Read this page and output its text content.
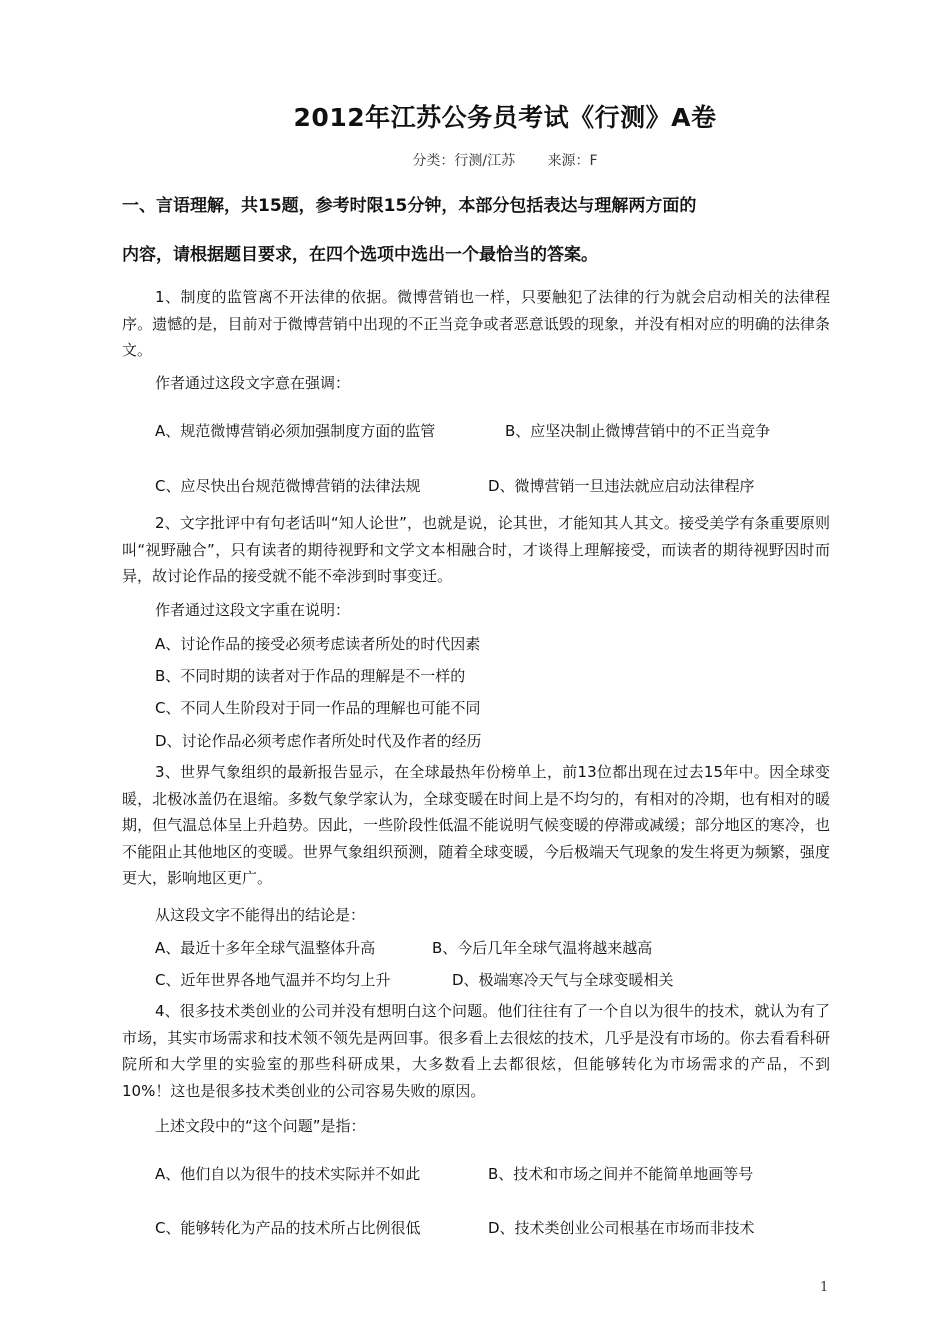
2012年江苏公务员考试《行测》A卷
分类：行测/江苏 来源：F
一、言语理解，共15题，参考时限15分钟，本部分包括表达与理解两方面的
内容，请根据题目要求，在四个选项中选出一个最恰当的答案。
1、制度的监管离不开法律的依据。微博营销也一样，只要触犯了法律的行为就会启动相关的法律程序。遗憾的是，目前对于微博营销中出现的不正当竞争或者恶意诋毁的现象，并没有相对应的明确的法律条文。
作者通过这段文字意在强调：
A、规范微博营销必须加强制度方面的监管	B、应坚决制止微博营销中的不正当竞争
C、应尽快出台规范微博营销的法律法规	D、微博营销一旦违法就应启动法律程序
2、文字批评中有句老话叫“知人论世”，也就是说，论其世，才能知其人其文。接受美学有条重要原则叫“视野融合”，只有读者的期待视野和文学文本相融合时，才谈得上理解接受，而读者的期待视野因时而异，故讨论作品的接受就不能不牵涉到时事变迁。
作者通过这段文字重在说明：
A、讨论作品的接受必须考虑读者所处的时代因素
B、不同时期的读者对于作品的理解是不一样的
C、不同人生阶段对于同一作品的理解也可能不同
D、讨论作品必须考虑作者所处时代及作者的经历
3、世界气象组织的最新报告显示，在全球最热年份榜单上，前13位都出现在过去15年中。因全球变暖，北极冰盖仍在退缩。多数气象学家认为，全球变暖在时间上是不均匀的，有相对的冷期，也有相对的暖期，但气温总体呈上升趋势。因此，一些阶段性低温不能说明气候变暖的停滞或减缓；部分地区的寒冷，也不能阻止其他地区的变暖。世界气象组织预测，随着全球变暖，今后极端天气现象的发生将更为频繁，强度更大，影响地区更广。
从这段文字不能得出的结论是：
A、最近十多年全球气温整体升高	B、今后几年全球气温将越来越高
C、近年世界各地气温并不均匀上升	D、极端寒冷天气与全球变暖相关
4、很多技术类创业的公司并没有想明白这个问题。他们往往有了一个自以为很牛的技术，就认为有了市场，其实市场需求和技术领不领先是两回事。很多看上去很炫的技术，几乎是没有市场的。你去看看科研院所和大学里的实验室的那些科研成果，大多数看上去都很炫，但能够转化为市场需求的产品，不到10%！这也是很多技术类创业的公司容易失败的原因。
上述文段中的“这个问题”是指：
A、他们自以为很牛的技术实际并不如此	B、技术和市场之间并不能简单地画等号
C、能够转化为产品的技术所占比例很低	D、技术类创业公司根基在市场而非技术
1
